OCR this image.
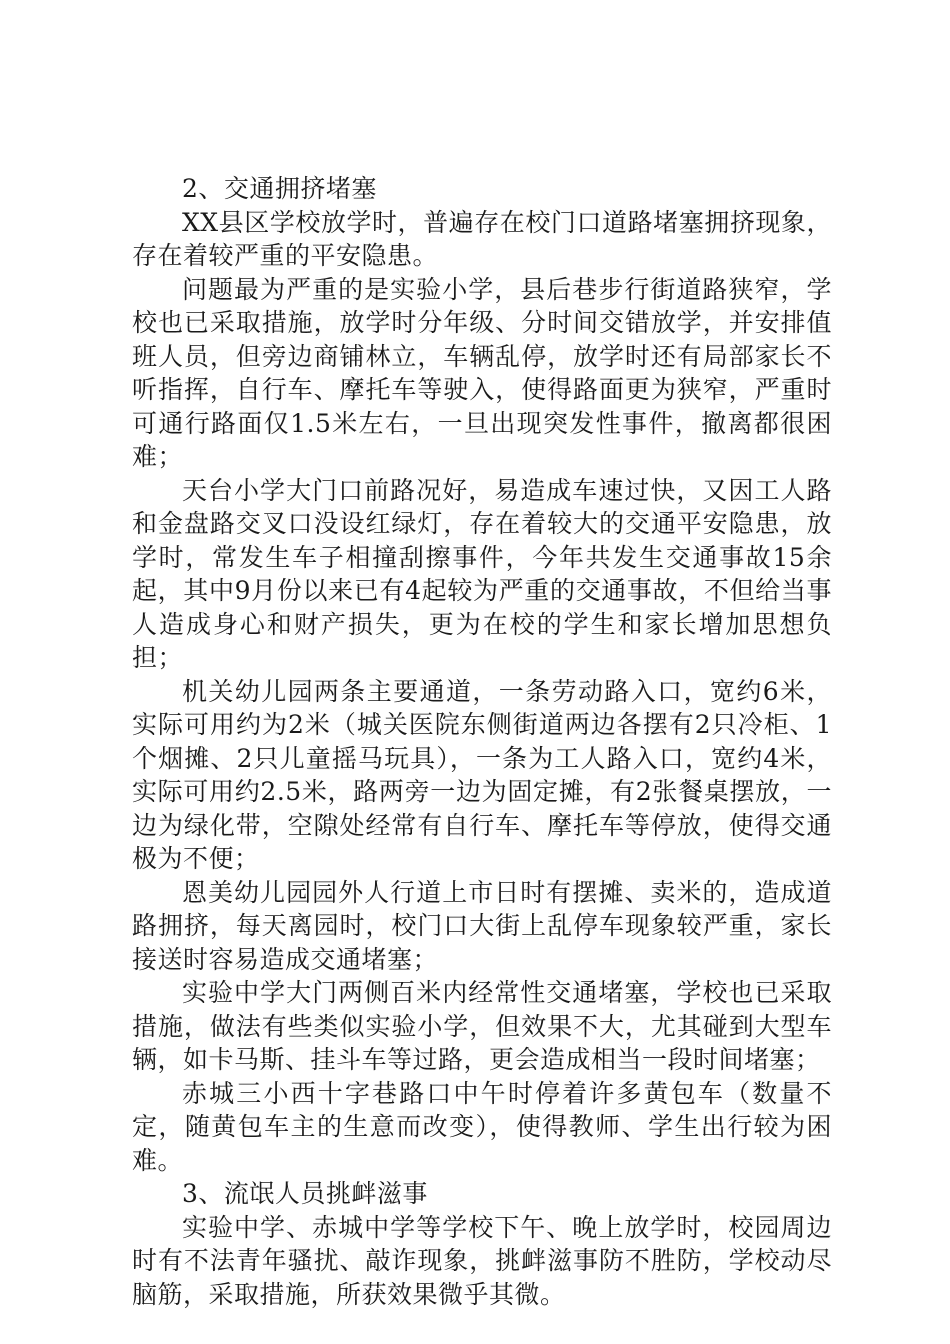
2、交通拥挤堵塞

XX县区学校放学时，普遍存在校门口道路堵塞拥挤现象，存在着较严重的平安隐患。

问题最为严重的是实验小学，县后巷步行街道路狭窄，学校也已采取措施，放学时分年级、分时间交错放学，并安排值班人员，但旁边商铺林立，车辆乱停，放学时还有局部家长不听指挥，自行车、摩托车等驶入，使得路面更为狭窄，严重时可通行路面仅1.5米左右，一旦出现突发性事件，撤离都很困难；

天台小学大门口前路况好，易造成车速过快，又因工人路和金盘路交叉口没设红绿灯，存在着较大的交通平安隐患，放学时，常发生车子相撞刮擦事件，今年共发生交通事故15余起，其中9月份以来已有4起较为严重的交通事故，不但给当事人造成身心和财产损失，更为在校的学生和家长增加思想负担；

机关幼儿园两条主要通道，一条劳动路入口，宽约6米，实际可用约为2米（城关医院东侧街道两边各摆有2只冷柜、1个烟摊、2只儿童摇马玩具），一条为工人路入口，宽约4米，实际可用约2.5米，路两旁一边为固定摊，有2张餐桌摆放，一边为绿化带，空隙处经常有自行车、摩托车等停放，使得交通极为不便；

恩美幼儿园园外人行道上市日时有摆摊、卖米的，造成道路拥挤，每天离园时，校门口大街上乱停车现象较严重，家长接送时容易造成交通堵塞；

实验中学大门两侧百米内经常性交通堵塞，学校也已采取措施，做法有些类似实验小学，但效果不大，尤其碰到大型车辆，如卡马斯、挂斗车等过路，更会造成相当一段时间堵塞；

赤城三小西十字巷路口中午时停着许多黄包车（数量不定，随黄包车主的生意而改变），使得教师、学生出行较为困难。

3、流氓人员挑衅滋事

实验中学、赤城中学等学校下午、晚上放学时，校园周边时有不法青年骚扰、敲诈现象，挑衅滋事防不胜防，学校动尽脑筋，采取措施，所获效果微乎其微。
